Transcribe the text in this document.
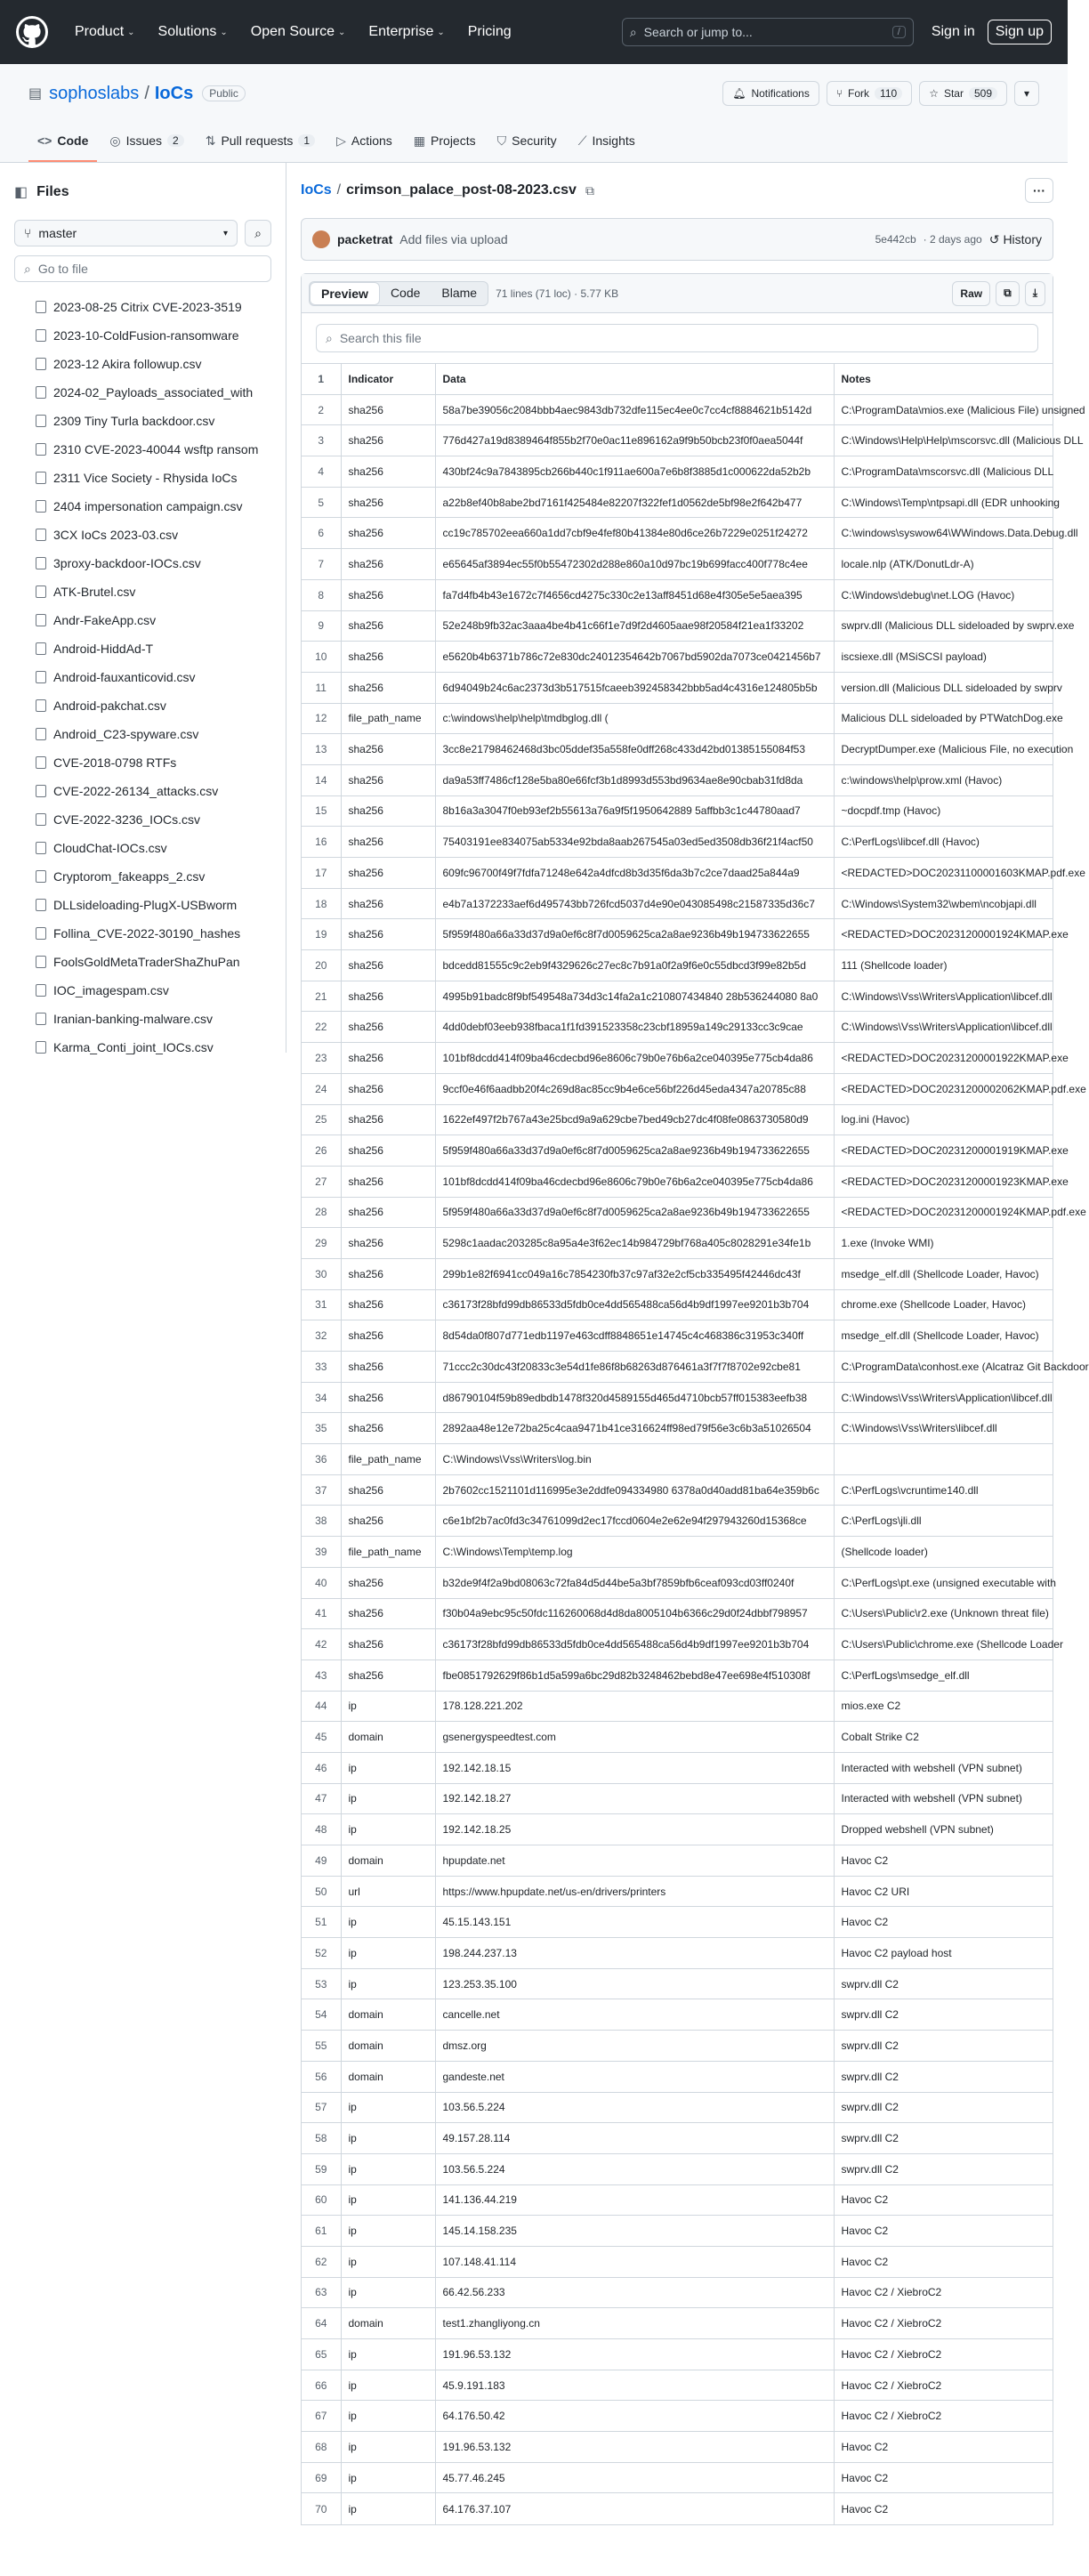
Product ⌄ Solutions ⌄ Open Source ⌄ Enterprise ⌄ Pricing	⌕ Search or jump to...	/	Sign in	Sign up
▤ sophoslabs / IoCs	Public	🔔︎ Notifications	⑂ Fork	110	☆ Star	509	▾
<> Code ◎ Issues	2	⇅ Pull requests	1	▷ Actions ▦ Projects ⛉ Security ⟋ Insights
◧ Files
⑂ master	▾ ⌕
⌕ Go to file
2023-08-25 Citrix CVE-2023-3519
2023-10-ColdFusion-ransomware
2023-12 Akira followup.csv
2024-02_Payloads_associated_with
2309 Tiny Turla backdoor.csv
2310 CVE-2023-40044 wsftp ransom
2311 Vice Society - Rhysida IoCs
2404 impersonation campaign.csv
3CX IoCs 2023-03.csv
3proxy-backdoor-IOCs.csv
ATK-Brutel.csv
Andr-FakeApp.csv
Android-HiddAd-T
Android-fauxanticovid.csv
Android-pakchat.csv
Android_C23-spyware.csv
CVE-2018-0798 RTFs
CVE-2022-26134_attacks.csv
CVE-2022-3236_IOCs.csv
CloudChat-IOCs.csv
Cryptorom_fakeapps_2.csv
DLLsideloading-PlugX-USBworm
Follina_CVE-2022-30190_hashes
FoolsGoldMetaTraderShaZhuPan
IOC_imagespam.csv
Iranian-banking-malware.csv
Karma_Conti_joint_IOCs.csv
IoCs / crimson_palace_post-08-2023.csv ⧉	···
packetrat Add files via upload	5e442cb · 2 days ago ↺ History
Preview	Code	Blame	71 lines (71 loc) · 5.77 KB	Raw	⧉ ⤓
⌕ Search this file
1	Indicator	Data	Notes
2	sha256	58a7be39056c2084bbb4aec9843db732dfe115ec4ee0c7cc4cf8884621b5142d	C:\ProgramData\mios.exe (Malicious File) unsigned
3	sha256	776d427a19d8389464f855b2f70e0ac11e896162a9f9b50bcb23f0f0aea5044f	C:\Windows\Help\Help\mscorsvc.dll (Malicious DLL
4	sha256	430bf24c9a7843895cb266b440c1f911ae600a7e6b8f3885d1c000622da52b2b	C:\ProgramData\mscorsvc.dll (Malicious DLL
5	sha256	a22b8ef40b8abe2bd7161f425484e82207f322fef1d0562de5bf98e2f642b477	C:\Windows\Temp\ntpsapi.dll (EDR unhooking
6	sha256	cc19c785702eea660a1dd7cbf9e4fef80b41384e80d6ce26b7229e0251f24272	C:\windows\syswow64\WWindows.Data.Debug.dll
7	sha256	e65645af3894ec55f0b55472302d288e860a10d97bc19b699facc400f778c4ee	locale.nlp (ATK/DonutLdr-A)
8	sha256	fa7d4fb4b43e1672c7f4656cd4275c330c2e13aff8451d68e4f305e5e5aea395	C:\Windows\debug\net.LOG (Havoc)
9	sha256	52e248b9fb32ac3aaa4be4b41c66f1e7d9f2d4605aae98f20584f21ea1f33202	swprv.dll (Malicious DLL sideloaded by swprv.exe
10	sha256	e5620b4b6371b786c72e830dc24012354642b7067bd5902da7073ce0421456b7	iscsiexe.dll (MSiSCSI payload)
11	sha256	6d94049b24c6ac2373d3b517515fcaeeb392458342bbb5ad4c4316e124805b5b	version.dll (Malicious DLL sideloaded by swprv
12	file_path_name	c:\windows\help\help\tmdbglog.dll (	Malicious DLL sideloaded by PTWatchDog.exe
13	sha256	3cc8e21798462468d3bc05ddef35a558fe0dff268c433d42bd01385155084f53	DecryptDumper.exe (Malicious File, no execution
14	sha256	da9a53ff7486cf128e5ba80e66fcf3b1d8993d553bd9634ae8e90cbab31fd8da	c:\windows\help\prow.xml (Havoc)
15	sha256	8b16a3a3047f0eb93ef2b55613a76a9f5f1950642889 5affbb3c1c44780aad7	~docpdf.tmp (Havoc)
16	sha256	75403191ee834075ab5334e92bda8aab267545a03ed5ed3508db36f21f4acf50	C:\PerfLogs\libcef.dll (Havoc)
17	sha256	609fc96700f49f7fdfa71248e642a4dfcd8b3d35f6da3b7c2ce7daad25a844a9	<REDACTED>DOC20231100001603KMAP.pdf.exe
18	sha256	e4b7a1372233aef6d495743bb726fcd5037d4e90e043085498c21587335d36c7	C:\Windows\System32\wbem\ncobjapi.dll
19	sha256	5f959f480a66a33d37d9a0ef6c8f7d0059625ca2a8ae9236b49b194733622655	<REDACTED>DOC20231200001924KMAP.exe
20	sha256	bdcedd81555c9c2eb9f4329626c27ec8c7b91a0f2a9f6e0c55dbcd3f99e82b5d	111 (Shellcode loader)
21	sha256	4995b91badc8f9bf549548a734d3c14fa2a1c210807434840 28b536244080 8a0	C:\Windows\Vss\Writers\Application\libcef.dll
22	sha256	4dd0debf03eeb938fbaca1f1fd391523358c23cbf18959a149c29133cc3c9cae	C:\Windows\Vss\Writers\Application\libcef.dll
23	sha256	101bf8dcdd414f09ba46cdecbd96e8606c79b0e76b6a2ce040395e775cb4da86	<REDACTED>DOC20231200001922KMAP.exe
24	sha256	9ccf0e46f6aadbb20f4c269d8ac85cc9b4e6ce56bf226d45eda4347a20785c88	<REDACTED>DOC20231200002062KMAP.pdf.exe
25	sha256	1622ef497f2b767a43e25bcd9a9a629cbe7bed49cb27dc4f08fe0863730580d9	log.ini (Havoc)
26	sha256	5f959f480a66a33d37d9a0ef6c8f7d0059625ca2a8ae9236b49b194733622655	<REDACTED>DOC20231200001919KMAP.exe
27	sha256	101bf8dcdd414f09ba46cdecbd96e8606c79b0e76b6a2ce040395e775cb4da86	<REDACTED>DOC20231200001923KMAP.exe
28	sha256	5f959f480a66a33d37d9a0ef6c8f7d0059625ca2a8ae9236b49b194733622655	<REDACTED>DOC20231200001924KMAP.pdf.exe
29	sha256	5298c1aadac203285c8a95a4e3f62ec14b984729bf768a405c8028291e34fe1b	1.exe (Invoke WMI)
30	sha256	299b1e82f6941cc049a16c7854230fb37c97af32e2cf5cb335495f42446dc43f	msedge_elf.dll (Shellcode Loader, Havoc)
31	sha256	c36173f28bfd99db86533d5fdb0ce4dd565488ca56d4b9df1997ee9201b3b704	chrome.exe (Shellcode Loader, Havoc)
32	sha256	8d54da0f807d771edb1197e463cdff8848651e14745c4c468386c31953c340ff	msedge_elf.dll (Shellcode Loader, Havoc)
33	sha256	71ccc2c30dc43f20833c3e54d1fe86f8b68263d876461a3f7f7f8702e92cbe81	C:\ProgramData\conhost.exe (Alcatraz Git Backdoor
34	sha256	d86790104f59b89edbdb1478f320d4589155d465d4710bcb57ff015383eefb38	C:\Windows\Vss\Writers\Application\libcef.dll
35	sha256	2892aa48e12e72ba25c4caa9471b41ce316624ff98ed79f56e3c6b3a51026504	C:\Windows\Vss\Writers\libcef.dll
36	file_path_name	C:\Windows\Vss\Writers\log.bin	
37	sha256	2b7602cc1521101d116995e3e2ddfe094334980 6378a0d40add81ba64e359b6c	C:\PerfLogs\vcruntime140.dll
38	sha256	c6e1bf2b7ac0fd3c34761099d2ec17fccd0604e2e62e94f297943260d15368ce	C:\PerfLogs\jli.dll
39	file_path_name	C:\Windows\Temp\temp.log	(Shellcode loader)
40	sha256	b32de9f4f2a9bd08063c72fa84d5d44be5a3bf7859bfb6ceaf093cd03ff0240f	C:\PerfLogs\pt.exe (unsigned executable with
41	sha256	f30b04a9ebc95c50fdc116260068d4d8da8005104b6366c29d0f24dbbf798957	C:\Users\Public\r2.exe (Unknown threat file)
42	sha256	c36173f28bfd99db86533d5fdb0ce4dd565488ca56d4b9df1997ee9201b3b704	C:\Users\Public\chrome.exe (Shellcode Loader
43	sha256	fbe0851792629f86b1d5a599a6bc29d82b3248462bebd8e47ee698e4f510308f	C:\PerfLogs\msedge_elf.dll
44	ip	178.128.221.202	mios.exe C2
45	domain	gsenergyspeedtest.com	Cobalt Strike C2
46	ip	192.142.18.15	Interacted with webshell (VPN subnet)
47	ip	192.142.18.27	Interacted with webshell (VPN subnet)
48	ip	192.142.18.25	Dropped webshell (VPN subnet)
49	domain	hpupdate.net	Havoc C2
50	url	https://www.hpupdate.net/us-en/drivers/printers	Havoc C2 URI
51	ip	45.15.143.151	Havoc C2
52	ip	198.244.237.13	Havoc C2 payload host
53	ip	123.253.35.100	swprv.dll C2
54	domain	cancelle.net	swprv.dll C2
55	domain	dmsz.org	swprv.dll C2
56	domain	gandeste.net	swprv.dll C2
57	ip	103.56.5.224	swprv.dll C2
58	ip	49.157.28.114	swprv.dll C2
59	ip	103.56.5.224	swprv.dll C2
60	ip	141.136.44.219	Havoc C2
61	ip	145.14.158.235	Havoc C2
62	ip	107.148.41.114	Havoc C2
63	ip	66.42.56.233	Havoc C2 / XiebroC2
64	domain	test1.zhangliyong.cn	Havoc C2 / XiebroC2
65	ip	191.96.53.132	Havoc C2 / XiebroC2
66	ip	45.9.191.183	Havoc C2 / XiebroC2
67	ip	64.176.50.42	Havoc C2 / XiebroC2
68	ip	191.96.53.132	Havoc C2
69	ip	45.77.46.245	Havoc C2
70	ip	64.176.37.107	Havoc C2
